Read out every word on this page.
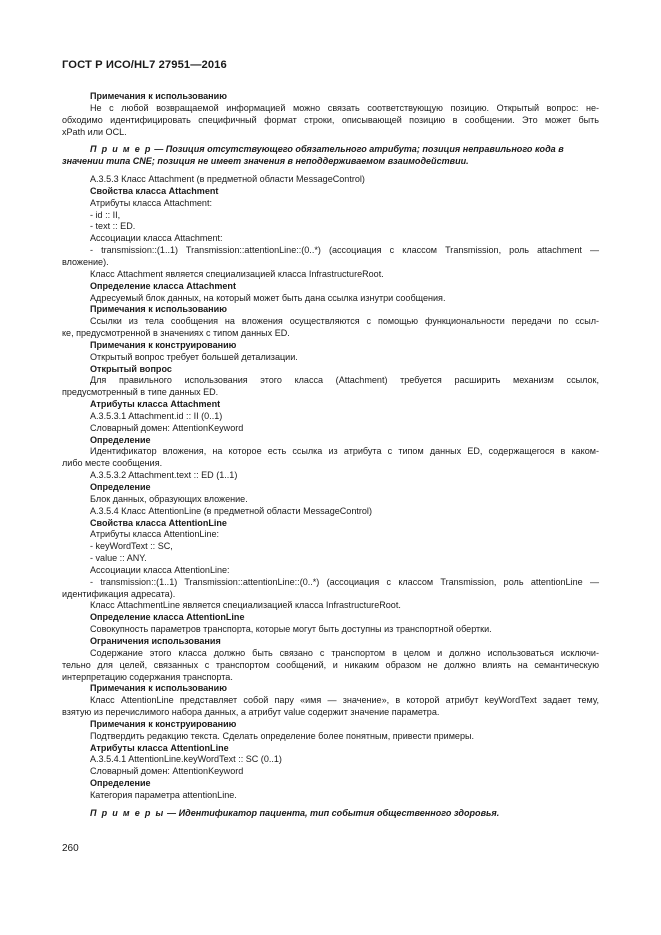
ГОСТ Р ИСО/HL7 27951—2016
Примечания к использованию
Не с любой возвращаемой информацией можно связать соответствующую позицию. Открытый вопрос: не-
обходимо идентифицировать специфичный формат строки, описывающей позицию в сообщении. Это может быть
xPath или OCL.
П р и м е р — Позиция отсутствующего обязательного атрибута; позиция неправильного кода в
значении типа CNE; позиция не имеет значения в неподдерживаемом взаимодействии.
A.3.5.3 Класс Attachment (в предметной области MessageControl)
Свойства класса Attachment
Атрибуты класса Attachment:
- id :: II,
- text :: ED.
Ассоциации класса Attachment:
- transmission::(1..1) Transmission::attentionLine::(0..*) (ассоциация с классом Transmission, роль attachment —
вложение).
Класс Attachment является специализацией класса InfrastructureRoot.
Определение класса Attachment
Адресуемый блок данных, на который может быть дана ссылка изнутри сообщения.
Примечания к использованию
Ссылки из тела сообщения на вложения осуществляются с помощью функциональности передачи по ссыл-
ке, предусмотренной в значениях с типом данных ED.
Примечания к конструированию
Открытый вопрос требует большей детализации.
Открытый вопрос
Для правильного использования этого класса (Attachment) требуется расширить механизм ссылок,
предусмотренный в типе данных ED.
Атрибуты класса Attachment
A.3.5.3.1 Attachment.id :: II (0..1)
Словарный домен: AttentionKeyword
Определение
Идентификатор вложения, на которое есть ссылка из атрибута с типом данных ED, содержащегося в каком-
либо месте сообщения.
A.3.5.3.2 Attachment.text :: ED (1..1)
Определение
Блок данных, образующих вложение.
A.3.5.4 Класс AttentionLine (в предметной области MessageControl)
Свойства класса AttentionLine
Атрибуты класса AttentionLine:
- keyWordText :: SC,
- value :: ANY.
Ассоциации класса AttentionLine:
- transmission::(1..1) Transmission::attentionLine::(0..*) (ассоциация с классом Transmission, роль attentionLine —
идентификация адресата).
Класс AttachmentLine является специализацией класса InfrastructureRoot.
Определение класса AttentionLine
Совокупность параметров транспорта, которые могут быть доступны из транспортной обертки.
Ограничения использования
Содержание этого класса должно быть связано с транспортом в целом и должно использоваться исключи-
тельно для целей, связанных с транспортом сообщений, и никаким образом не должно влиять на семантическую
интерпретацию содержания транспорта.
Примечания к использованию
Класс AttentionLine представляет собой пару «имя — значение», в которой атрибут keyWordText задает тему,
взятую из перечислимого набора данных, а атрибут value содержит значение параметра.
Примечания к конструированию
Подтвердить редакцию текста. Сделать определение более понятным, привести примеры.
Атрибуты класса AttentionLine
A.3.5.4.1 AttentionLine.keyWordText :: SC (0..1)
Словарный домен: AttentionKeyword
Определение
Категория параметра attentionLine.
П р и м е р ы — Идентификатор пациента, тип события общественного здоровья.
260
